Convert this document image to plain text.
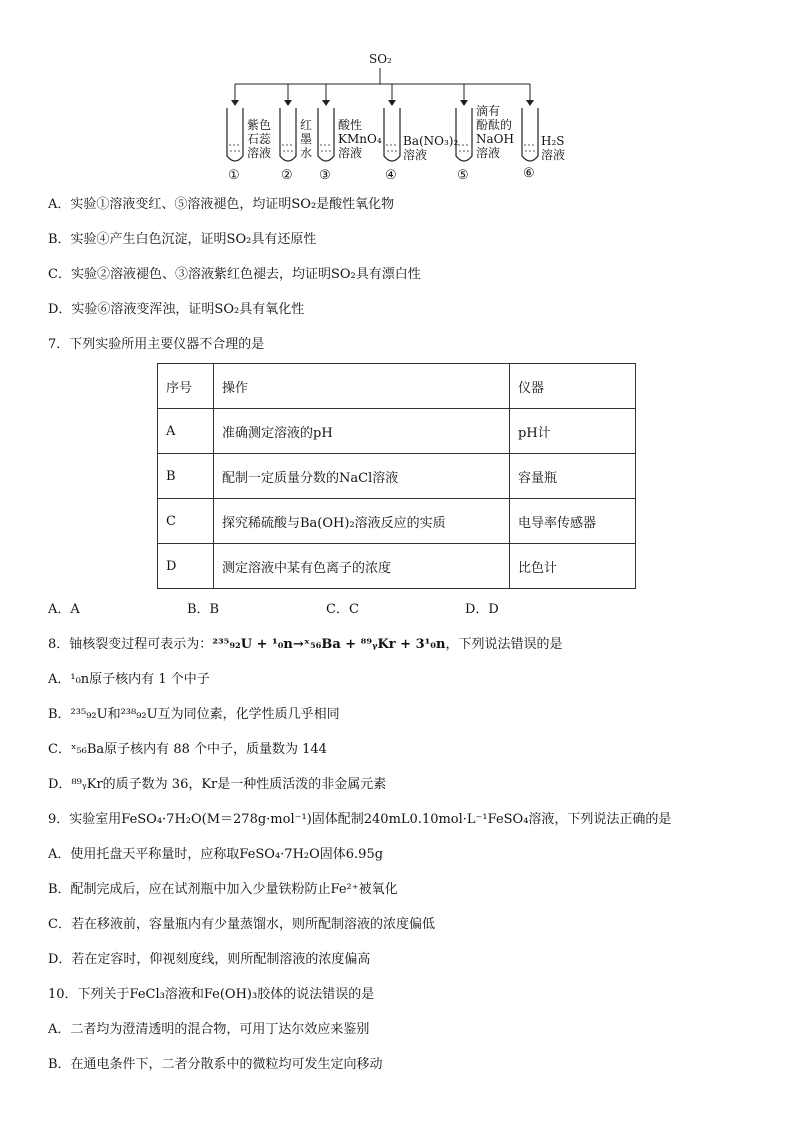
SO₂
紫色
石蕊
溶液
红
墨
水
酸性
KMnO₄
溶液
Ba(NO₃)₂
溶液
滴有
酚酞的
NaOH
溶液
H₂S
溶液
①	② ③	④	⑤	⑥
A．实验①溶液变红、⑤溶液褪色，均证明SO₂是酸性氧化物
B．实验④产生白色沉淀，证明SO₂具有还原性
C．实验②溶液褪色、③溶液紫红色褪去，均证明SO₂具有漂白性
D．实验⑥溶液变浑浊，证明SO₂具有氧化性
7．下列实验所用主要仪器不合理的是
序号	操作	仪器
A	准确测定溶液的pH	pH计
B	配制一定质量分数的NaCl溶液	容量瓶
C	探究稀硫酸与Ba(OH)₂溶液反应的实质	电导率传感器
D	测定溶液中某有色离子的浓度	比色计
A．A	B．B	C．C	D．D
8．铀核裂变过程可表示为：²³⁵₉₂U + ¹₀n→ˣ₅₆Ba + ⁸⁹ᵧKr + 3¹₀n，下列说法错误的是
A．¹₀n原子核内有 1 个中子
B．²³⁵₉₂U和²³⁸₉₂U互为同位素，化学性质几乎相同
C．ˣ₅₆Ba原子核内有 88 个中子，质量数为 144
D．⁸⁹ᵧKr的质子数为 36，Kr是一种性质活泼的非金属元素
9．实验室用FeSO₄·7H₂O(M＝278g·mol⁻¹)固体配制240mL0.10mol·L⁻¹FeSO₄溶液，下列说法正确的是
A．使用托盘天平称量时，应称取FeSO₄·7H₂O固体6.95g
B．配制完成后，应在试剂瓶中加入少量铁粉防止Fe²⁺被氧化
C．若在移液前，容量瓶内有少量蒸馏水，则所配制溶液的浓度偏低
D．若在定容时，仰视刻度线，则所配制溶液的浓度偏高
10．下列关于FeCl₃溶液和Fe(OH)₃胶体的说法错误的是
A．二者均为澄清透明的混合物，可用丁达尔效应来鉴别
B．在通电条件下，二者分散系中的微粒均可发生定向移动
